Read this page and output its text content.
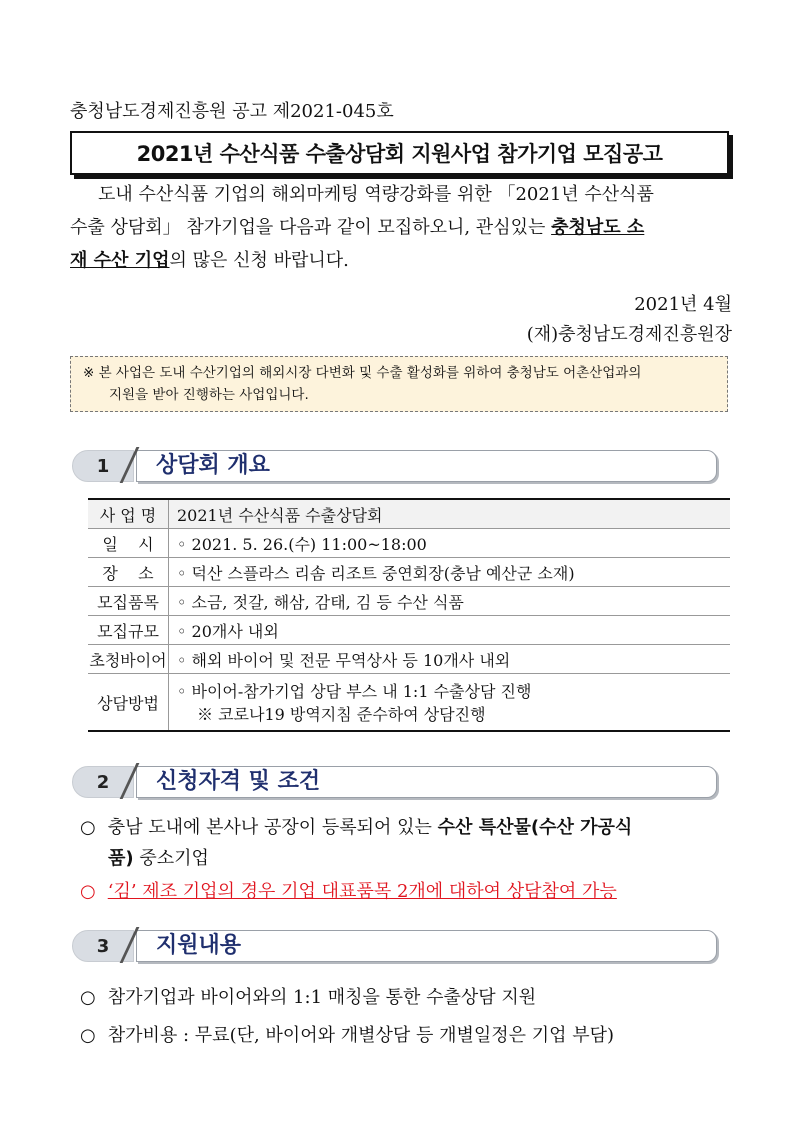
충청남도경제진흥원 공고 제2021-045호
2021년 수산식품 수출상담회 지원사업 참가기업 모집공고
도내 수산식품 기업의 해외마케팅 역량강화를 위한 「2021년 수산식품
수출 상담회」 참가기업을 다음과 같이 모집하오니, 관심있는 충청남도 소
재 수산 기업의 많은 신청 바랍니다.
2021년 4월
(재)충청남도경제진흥원장
※ 본 사업은 도내 수산기업의 해외시장 다변화 및 수출 활성화를 위하여 충청남도 어촌산업과의
지원을 받아 진행하는 사업입니다.
1	상담회 개요
사 업 명	2021년 수산식품 수출상담회
일    시	◦ 2021. 5. 26.(수) 11:00~18:00
장    소	◦ 덕산 스플라스 리솜 리조트 중연회장(충남 예산군 소재)
모집품목	◦ 소금, 젓갈, 해삼, 감태, 김 등 수산 식품
모집규모	◦ 20개사 내외
초청바이어	◦ 해외 바이어 및 전문 무역상사 등 10개사 내외
상담방법	◦ 바이어-참가기업 상담 부스 내 1:1 수출상담 진행
※ 코로나19 방역지침 준수하여 상담진행
2	신청자격 및 조건
○ 충남 도내에 본사나 공장이 등록되어 있는 수산 특산물(수산 가공식
품) 중소기업
○ ‘김’ 제조 기업의 경우 기업 대표품목 2개에 대하여 상담참여 가능
3	지원내용
○ 참가기업과 바이어와의 1:1 매칭을 통한 수출상담 지원
○ 참가비용 : 무료(단, 바이어와 개별상담 등 개별일정은 기업 부담)
